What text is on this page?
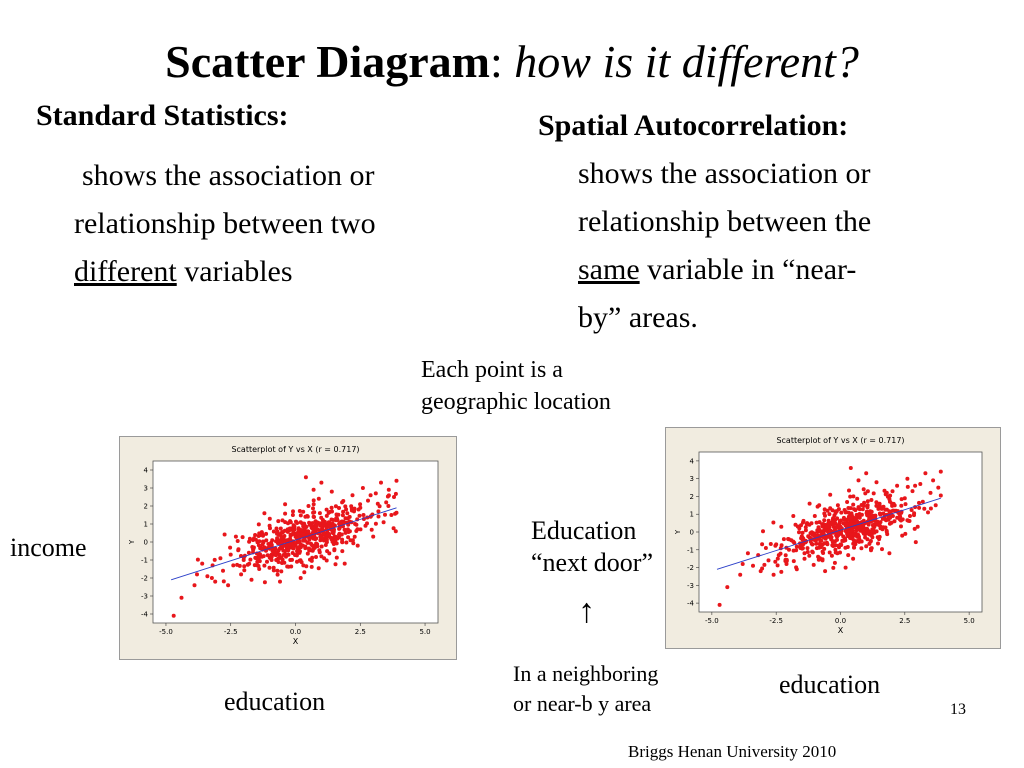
Scatter Diagram: how is it different?
Standard Statistics:
shows the association or
relationship between two
different variables
Spatial Autocorrelation:
shows the association or
relationship between the
same variable in “near-
by” areas.
Each point is a
geographic location
Scatterplot of Y vs X (r = 0.717)
-5.0	-2.5	0.0	2.5	5.0
4
3
2
1
0
-1
-2
-3
-4
X
Y
income
education
Scatterplot of Y vs X (r = 0.717)
-5.0	-2.5	0.0	2.5	5.0
4
3
2
1
0
-1
-2
-3
-4
X
Y
Education
“next door”
↑
In a neighboring
or near-b y area
education
13
Briggs Henan University 2010
